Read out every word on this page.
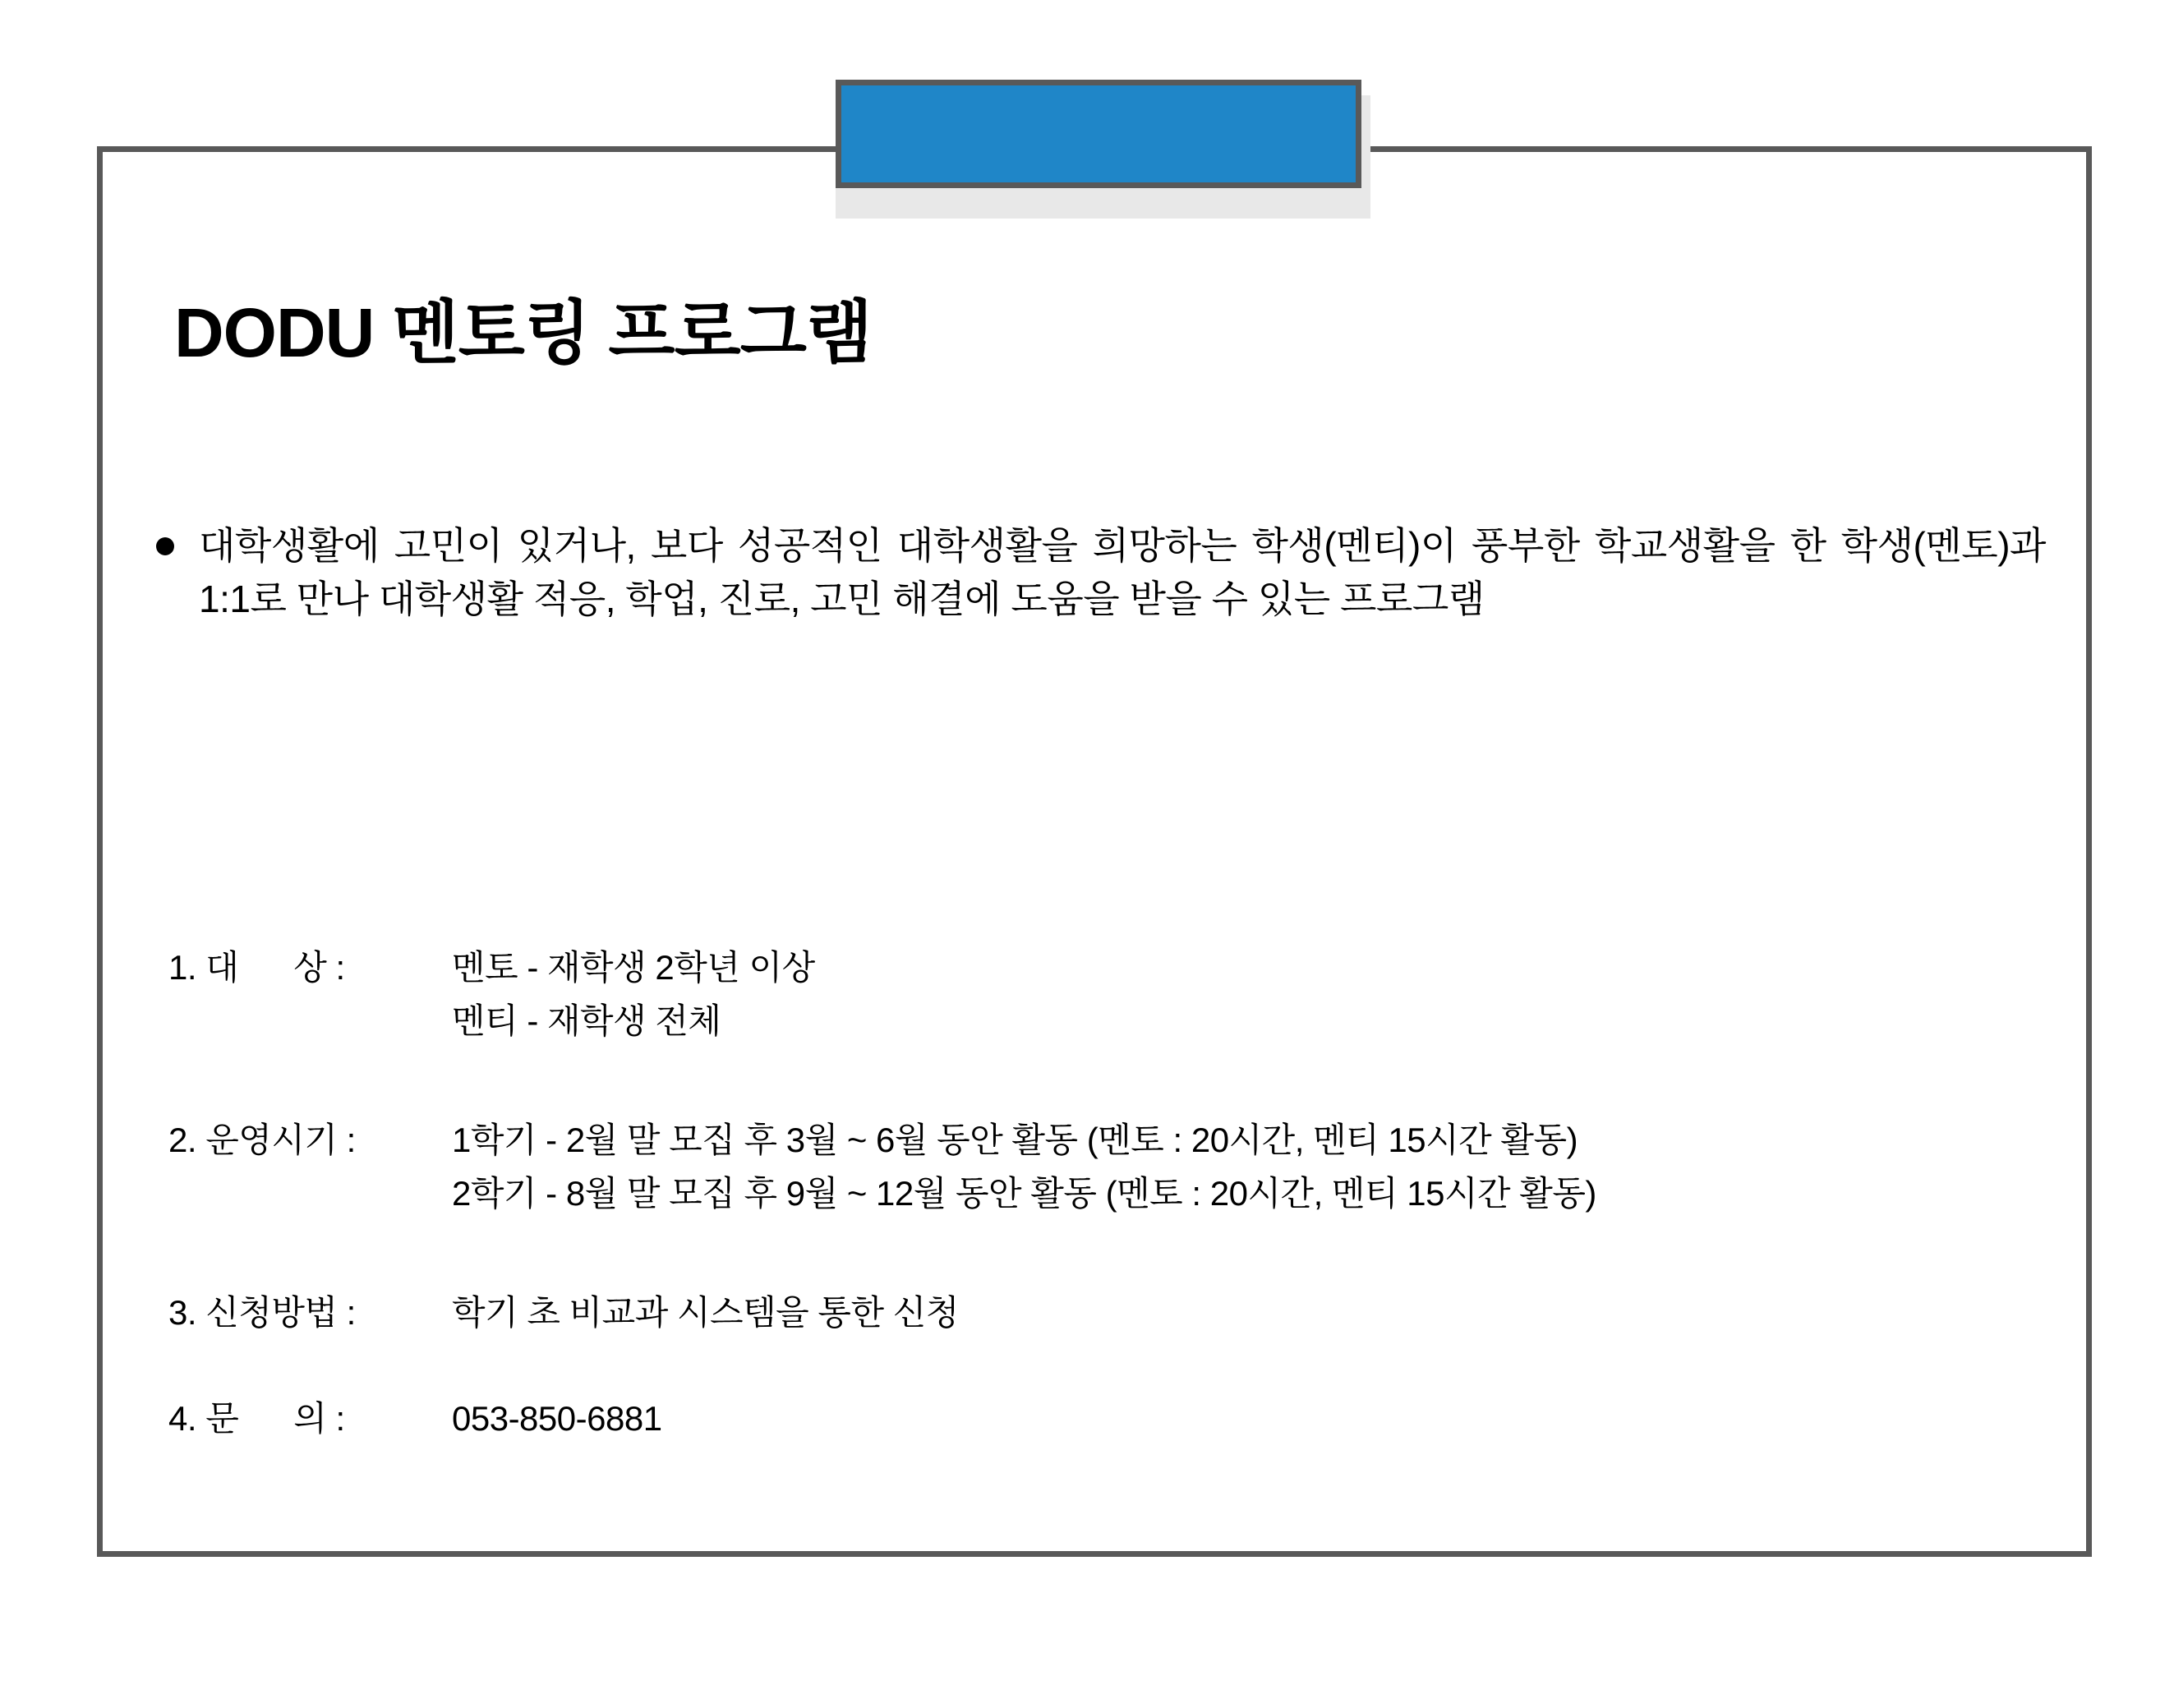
DODU 멘토링 프로그램
대학생활에 고민이 있거나, 보다 성공적인 대학생활을 희망하는 학생(멘티)이 풍부한 학교생활을 한 학생(멘토)과 1:1로 만나 대학생활 적응, 학업, 진로, 고민 해결에 도움을 받을 수 있는 프로그램
1. 대      상 :	멘토 - 재학생 2학년 이상
멘티 - 재학생 전체
2. 운영시기 :	1학기 - 2월 말 모집 후 3월 ~ 6월 동안 활동 (멘토 : 20시간, 멘티 15시간 활동)
2학기 - 8월 말 모집 후 9월 ~ 12월 동안 활동 (멘토 : 20시간, 멘티 15시간 활동)
3. 신청방법 :	학기 초 비교과 시스템을 통한 신청
4. 문      의 :	053-850-6881
